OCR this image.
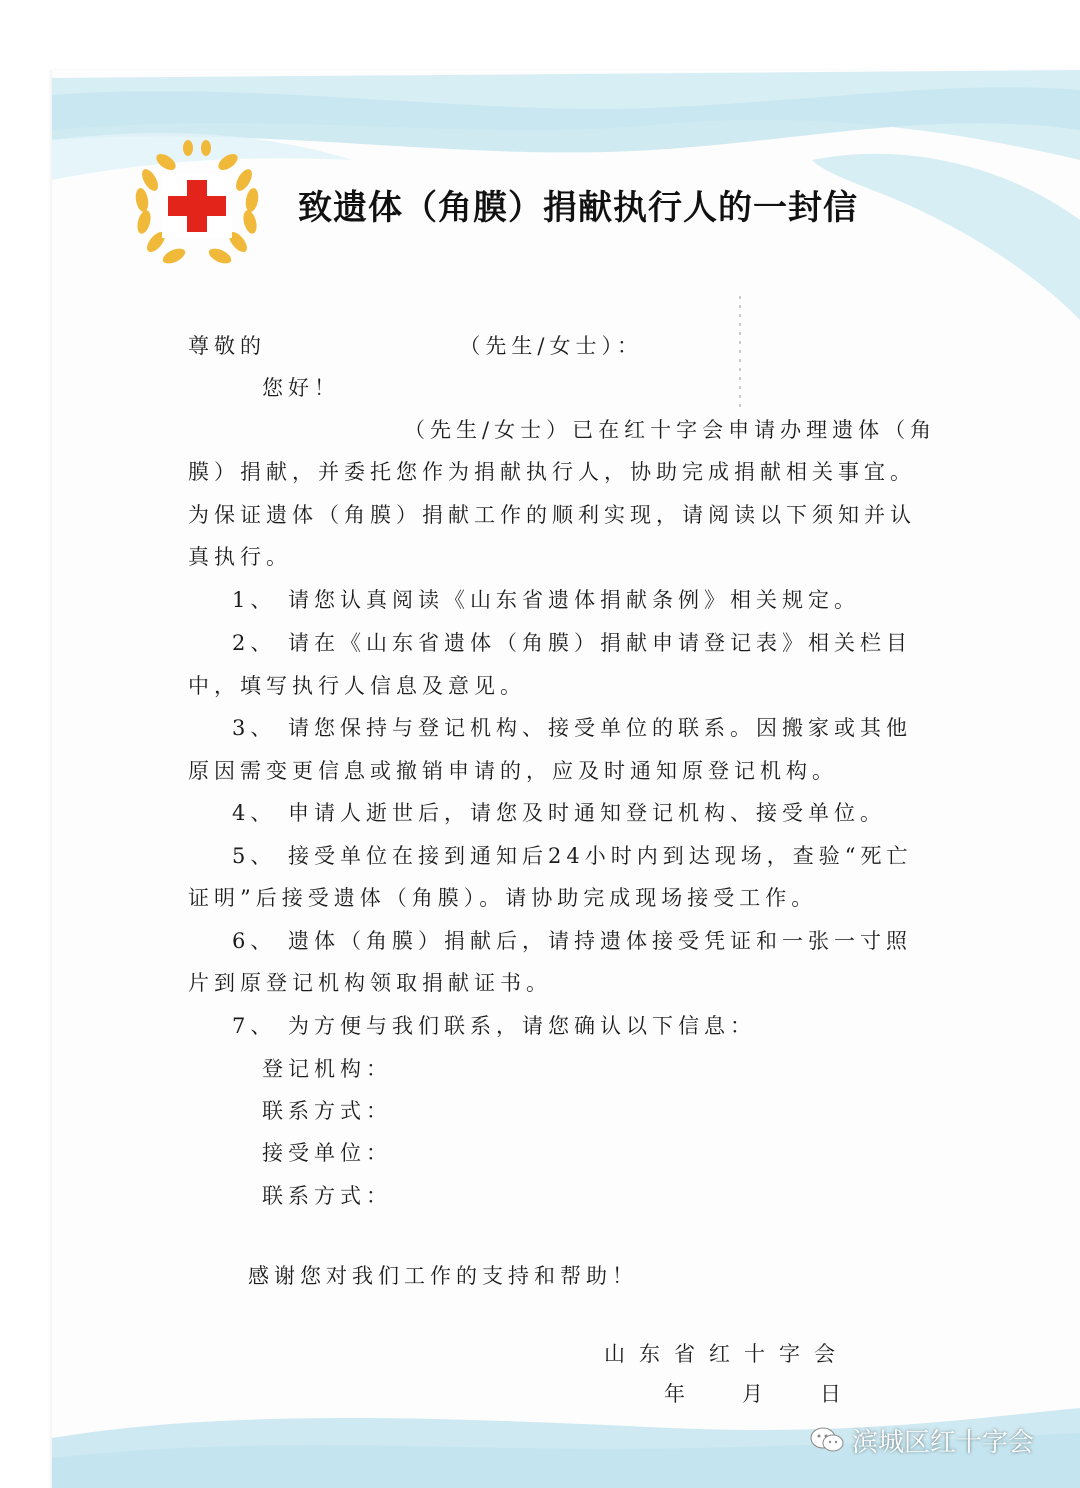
致遗体（角膜）捐献执行人的一封信
尊敬的	（先生/女士）：
您好！
（先生/女士）已在红十字会申请办理遗体（角
膜）捐献，并委托您作为捐献执行人，协助完成捐献相关事宜。
为保证遗体（角膜）捐献工作的顺利实现，请阅读以下须知并认
真执行。
1、 请您认真阅读《山东省遗体捐献条例》相关规定。
2、 请在《山东省遗体（角膜）捐献申请登记表》相关栏目
中，填写执行人信息及意见。
3、 请您保持与登记机构、接受单位的联系。因搬家或其他
原因需变更信息或撤销申请的，应及时通知原登记机构。
4、 申请人逝世后，请您及时通知登记机构、接受单位。
5、 接受单位在接到通知后24小时内到达现场，查验“死亡
证明”后接受遗体（角膜）。请协助完成现场接受工作。
6、 遗体（角膜）捐献后，请持遗体接受凭证和一张一寸照
片到原登记机构领取捐献证书。
7、 为方便与我们联系，请您确认以下信息：
登记机构：
联系方式：
接受单位：
联系方式：
感谢您对我们工作的支持和帮助！
山东省红十字会
年　月　日
滨城区红十字会
